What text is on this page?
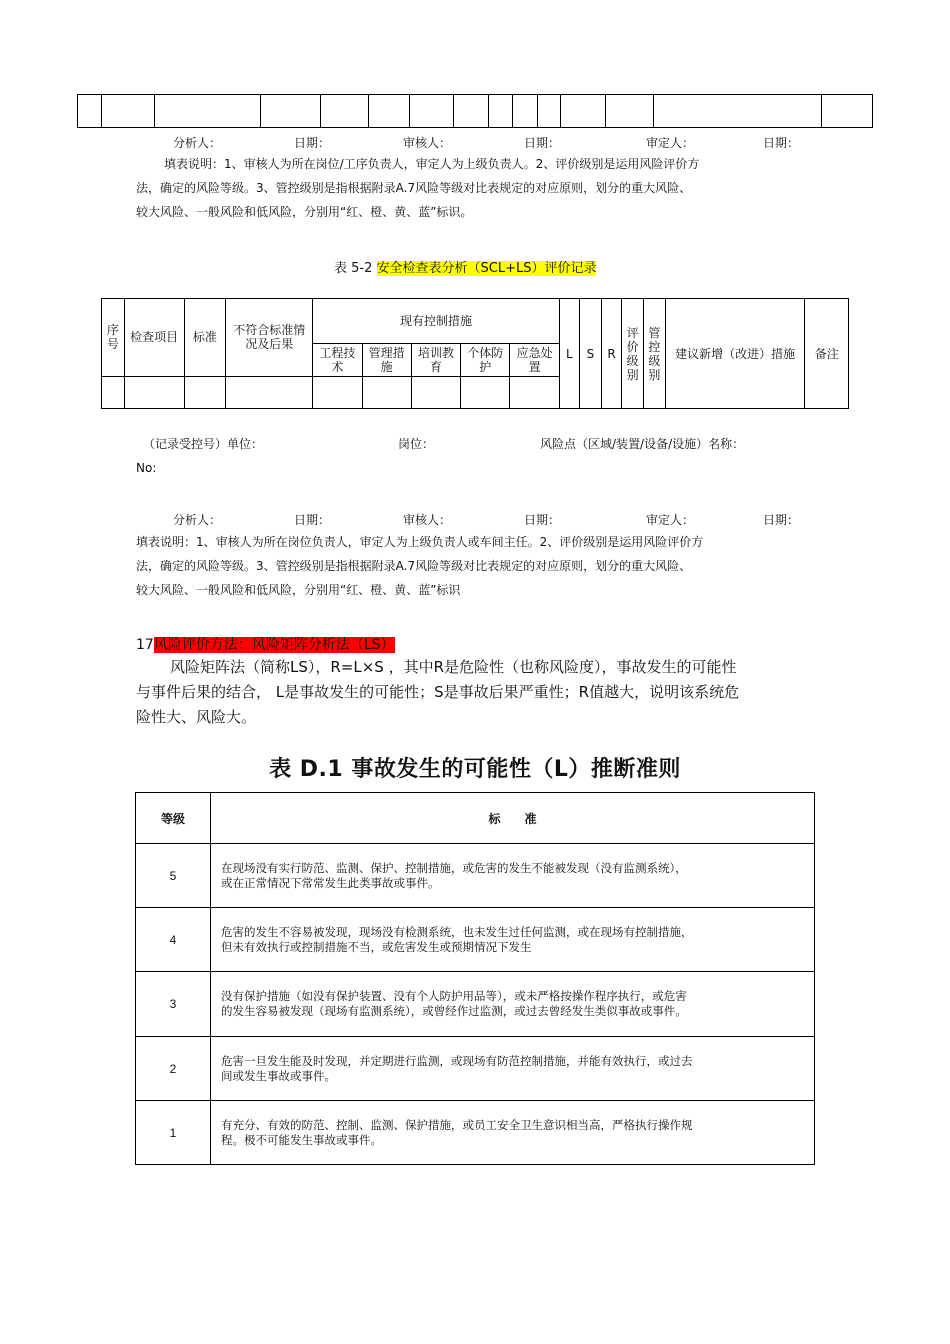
分析人：	日期：	审核人：	日期：	审定人：	日期：
填表说明：1、审核人为所在岗位/工序负责人，审定人为上级负责人。2、评价级别是运用风险评价方
法，确定的风险等级。3、管控级别是指根据附录A.7风险等级对比表规定的对应原则，划分的重大风险、
较大风险、一般风险和低风险，分别用“红、橙、黄、蓝”标识。
表 5-2 安全检查表分析（SCL+LS）评价记录
序号	检查项目	标准	不符合标准情况及后果	现有控制措施					L	S	R	评价级别	管控级别	建议新增（改进）措施	备注
				工程技术	管理措施	培训教育	个体防护	应急处置							

（记录受控号）单位：	岗位：	风险点（区域/装置/设备/设施）名称：
No:
分析人：	日期：	审核人：	日期：	审定人：	日期：
填表说明：1、审核人为所在岗位负责人，审定人为上级负责人或车间主任。2、评价级别是运用风险评价方
法，确定的风险等级。3、管控级别是指根据附录A.7风险等级对比表规定的对应原则，划分的重大风险、
较大风险、一般风险和低风险，分别用“红、橙、黄、蓝”标识
17风险评价方法：风险矩阵分析法（LS）
风险矩阵法（简称LS），R=L×S ，其中R是危险性（也称风险度），事故发生的可能性
与事件后果的结合， L是事故发生的可能性；S是事故后果严重性；R值越大，说明该系统危
险性大、风险大。
表 D.1 事故发生的可能性（L）推断准则
等级	标　　准
5	在现场没有实行防范、监测、保护、控制措施，或危害的发生不能被发现（没有监测系统），
或在正常情况下常常发生此类事故或事件。

4	危害的发生不容易被发现，现场没有检测系统，也未发生过任何监测，或在现场有控制措施，
但未有效执行或控制措施不当，或危害发生或预期情况下发生

3	没有保护措施（如没有保护装置、没有个人防护用品等），或未严格按操作程序执行，或危害
的发生容易被发现（现场有监测系统），或曾经作过监测，或过去曾经发生类似事故或事件。

2	危害一旦发生能及时发现，并定期进行监测，或现场有防范控制措施，并能有效执行，或过去
间或发生事故或事件。

1	有充分、有效的防范、控制、监测、保护措施，或员工安全卫生意识相当高，严格执行操作规
程。极不可能发生事故或事件。
